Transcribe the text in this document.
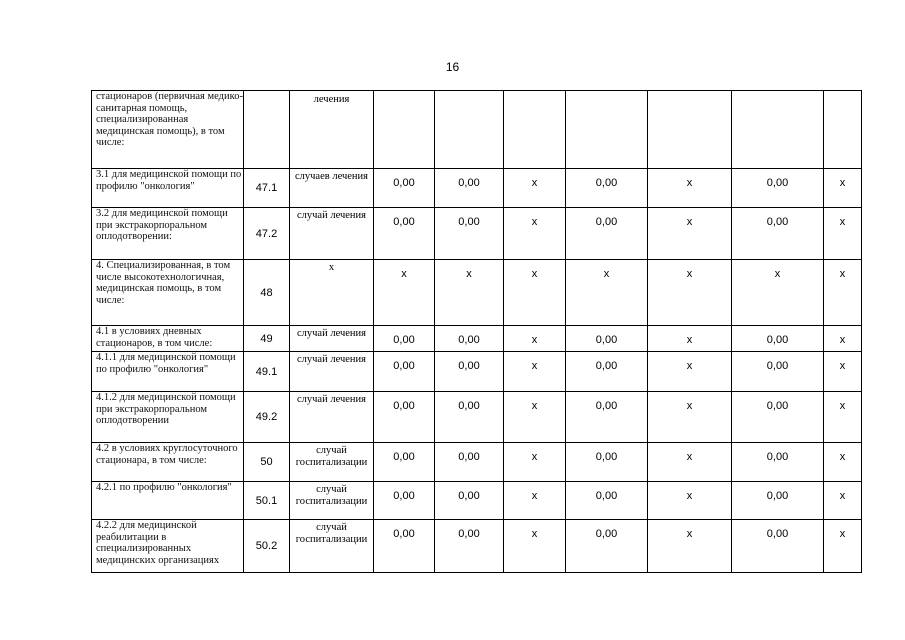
16
стационаров (первичная медико-санитарная помощь, специализированная медицинская помощь), в том числе:		лечения							
3.1 для медицинской помощи по профилю "онкология"	47.1	случаев лечения	0,00	0,00	x	0,00	x	0,00	x
3.2 для медицинской помощи при экстракорпоральном оплодотворении:	47.2	случай лечения	0,00	0,00	x	0,00	x	0,00	x
4. Специализированная, в том числе высокотехнологичная, медицинская помощь, в том числе:	48	x	x	x	x	x	x	x	x
4.1 в условиях дневных стационаров, в том числе:	49	случай лечения	0,00	0,00	x	0,00	x	0,00	x
4.1.1 для медицинской помощи по профилю "онкология"	49.1	случай лечения	0,00	0,00	x	0,00	x	0,00	x
4.1.2 для медицинской помощи при экстракорпоральном оплодотворении	49.2	случай лечения	0,00	0,00	x	0,00	x	0,00	x
4.2 в условиях круглосуточного стационара, в том числе:	50	случай госпитализации	0,00	0,00	x	0,00	x	0,00	x
4.2.1 по профилю "онкология"	50.1	случай госпитализации	0,00	0,00	x	0,00	x	0,00	x
4.2.2 для медицинской реабилитации в специализированных медицинских организациях	50.2	случай госпитализации	0,00	0,00	x	0,00	x	0,00	x
